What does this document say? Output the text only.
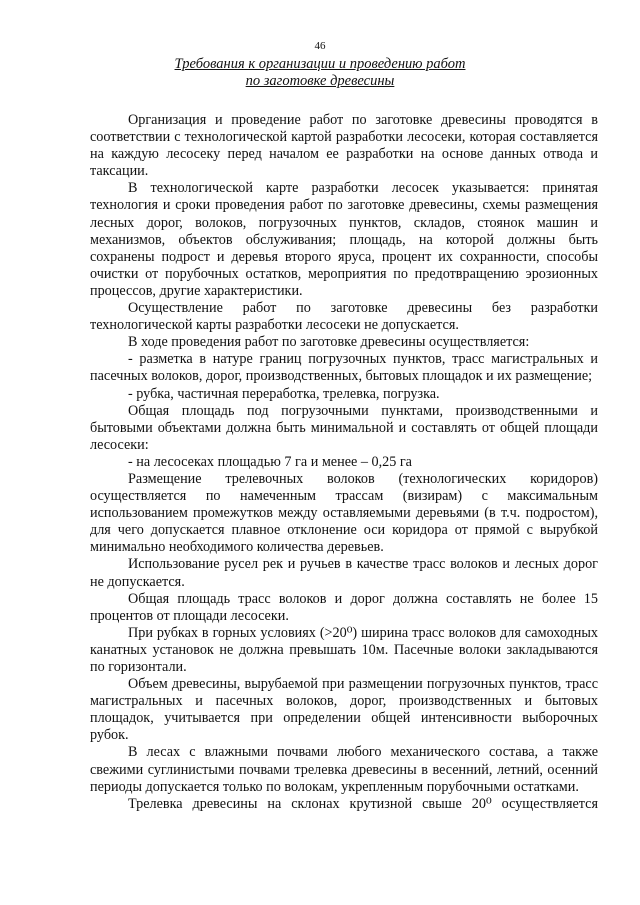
46
Требования к организации и проведению работ
по заготовке древесины

Организация и проведение работ по заготовке древесины проводятся в соответствии с технологической картой разработки лесосеки, которая составляется на каждую лесосеку перед началом ее разработки на основе данных отвода и таксации.

В технологической карте разработки лесосек указывается: принятая технология и сроки проведения работ по заготовке древесины, схемы размещения лесных дорог, волоков, погрузочных пунктов, складов, стоянок машин и механизмов, объектов обслуживания; площадь, на которой должны быть сохранены подрост и деревья второго яруса, процент их сохранности, способы очистки от порубочных остатков, мероприятия по предотвращению эрозионных процессов, другие характеристики.

Осуществление работ по заготовке древесины без разработки технологической карты разработки лесосеки не допускается.

В ходе проведения работ по заготовке древесины осуществляется:

- разметка в натуре границ погрузочных пунктов, трасс магистральных и пасечных волоков, дорог, производственных, бытовых площадок и их размещение;

- рубка, частичная переработка, трелевка, погрузка.

Общая площадь под погрузочными пунктами, производственными и бытовыми объектами должна быть минимальной и составлять от общей площади лесосеки:

- на лесосеках площадью 7 га и менее – 0,25 га

Размещение трелевочных волоков (технологических коридоров) осуществляется по намеченным трассам (визирам) с максимальным использованием промежутков между оставляемыми деревьями (в т.ч. подростом), для чего допускается плавное отклонение оси коридора от прямой с вырубкой минимально необходимого количества деревьев.

Использование русел рек и ручьев в качестве трасс волоков и лесных дорог не допускается.

Общая площадь трасс волоков и дорог должна составлять не более 15 процентов от площади лесосеки.

При рубках в горных условиях (>20⁰) ширина трасс волоков для самоходных канатных установок не должна превышать 10м. Пасечные волоки закладываются по горизонтали.

Объем древесины, вырубаемой при размещении погрузочных пунктов, трасс магистральных и пасечных волоков, дорог, производственных и бытовых площадок, учитывается при определении общей интенсивности выборочных рубок.

В лесах с влажными почвами любого механического состава, а также свежими суглинистыми почвами трелевка древесины в весенний, летний, осенний периоды допускается только по волокам, укрепленным порубочными остатками.

Трелевка древесины на склонах крутизной свыше 20⁰ осуществляется
